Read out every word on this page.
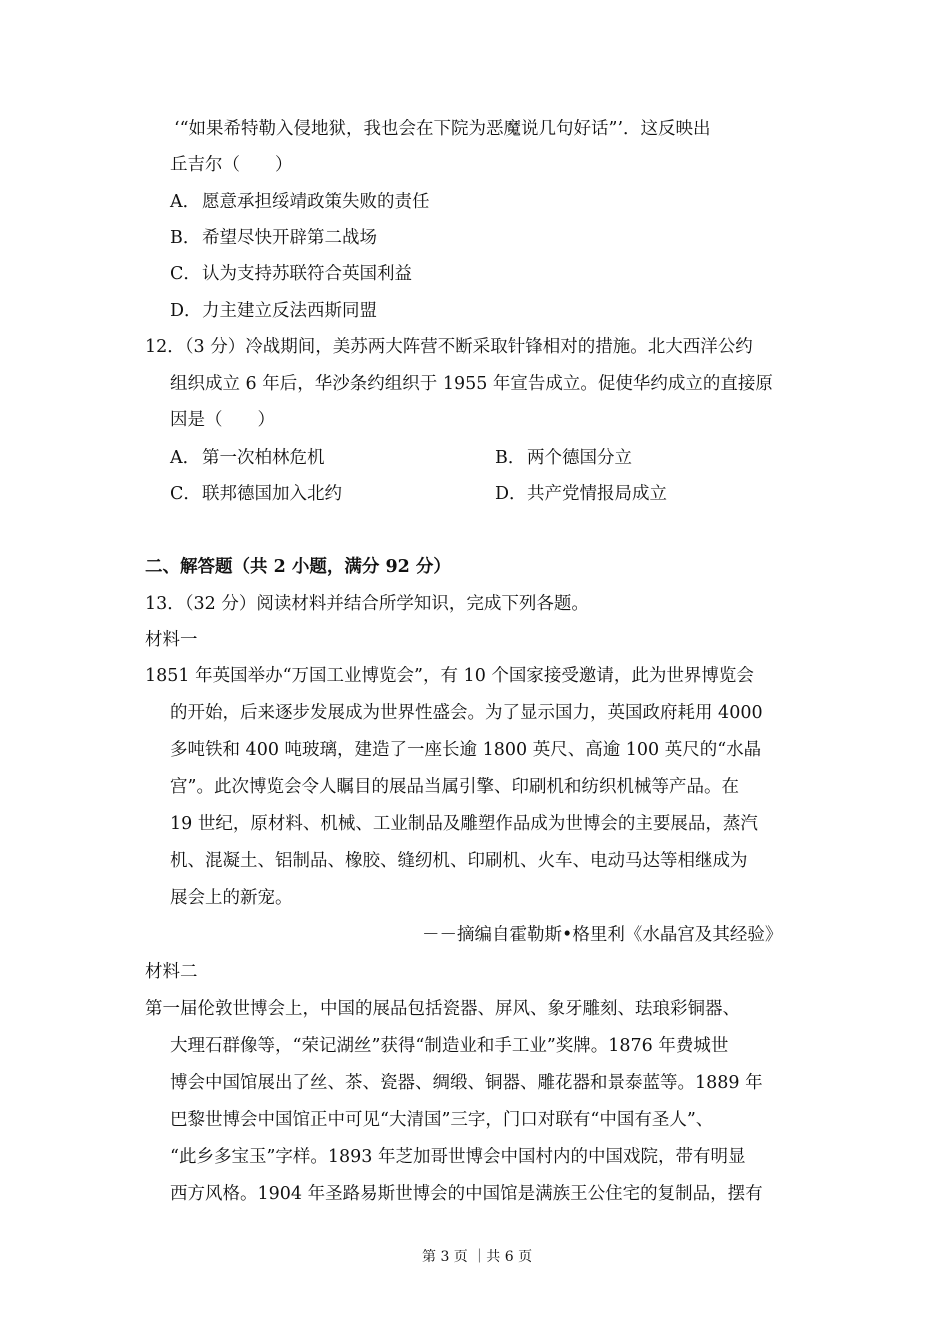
‘“如果希特勒入侵地狱，我也会在下院为恶魔说几句好话”’．这反映出
丘吉尔（　　）
A． 愿意承担绥靖政策失败的责任
B．希望尽快开辟第二战场
C．认为支持苏联符合英国利益
D．力主建立反法西斯同盟
12．（3 分）冷战期间，美苏两大阵营不断采取针锋相对的措施。北大西洋公约
组织成立 6 年后，华沙条约组织于 1955 年宣告成立。促使华约成立的直接原
因是（　　）
A． 第一次柏林危机	B．两个德国分立
C．联邦德国加入北约	D．共产党情报局成立
二、解答题（共 2 小题，满分 92 分）
13．（32 分）阅读材料并结合所学知识，完成下列各题。
材料一
1851 年英国举办“万国工业博览会”，有 10 个国家接受邀请，此为世界博览会
的开始，后来逐步发展成为世界性盛会。为了显示国力，英国政府耗用 4000
多吨铁和 400 吨玻璃，建造了一座长逾 1800 英尺、高逾 100 英尺的“水晶
宫”。此次博览会令人瞩目的展品当属引擎、印刷机和纺织机械等产品。在
19 世纪，原材料、机械、工业制品及雕塑作品成为世博会的主要展品，蒸汽
机、混凝土、铝制品、橡胶、缝纫机、印刷机、火车、电动马达等相继成为
展会上的新宠。
－－摘编自霍勒斯•格里利《水晶宫及其经验》
材料二
第一届伦敦世博会上，中国的展品包括瓷器、屏风、象牙雕刻、珐琅彩铜器、
大理石群像等，“荣记湖丝”获得“制造业和手工业”奖牌。1876 年费城世
博会中国馆展出了丝、茶、瓷器、绸缎、铜器、雕花器和景泰蓝等。1889 年
巴黎世博会中国馆正中可见“大清国”三字，门口对联有“中国有圣人”、
“此乡多宝玉”字样。1893 年芝加哥世博会中国村内的中国戏院，带有明显
西方风格。1904 年圣路易斯世博会的中国馆是满族王公住宅的复制品，摆有
第 3 页 ｜共 6 页
